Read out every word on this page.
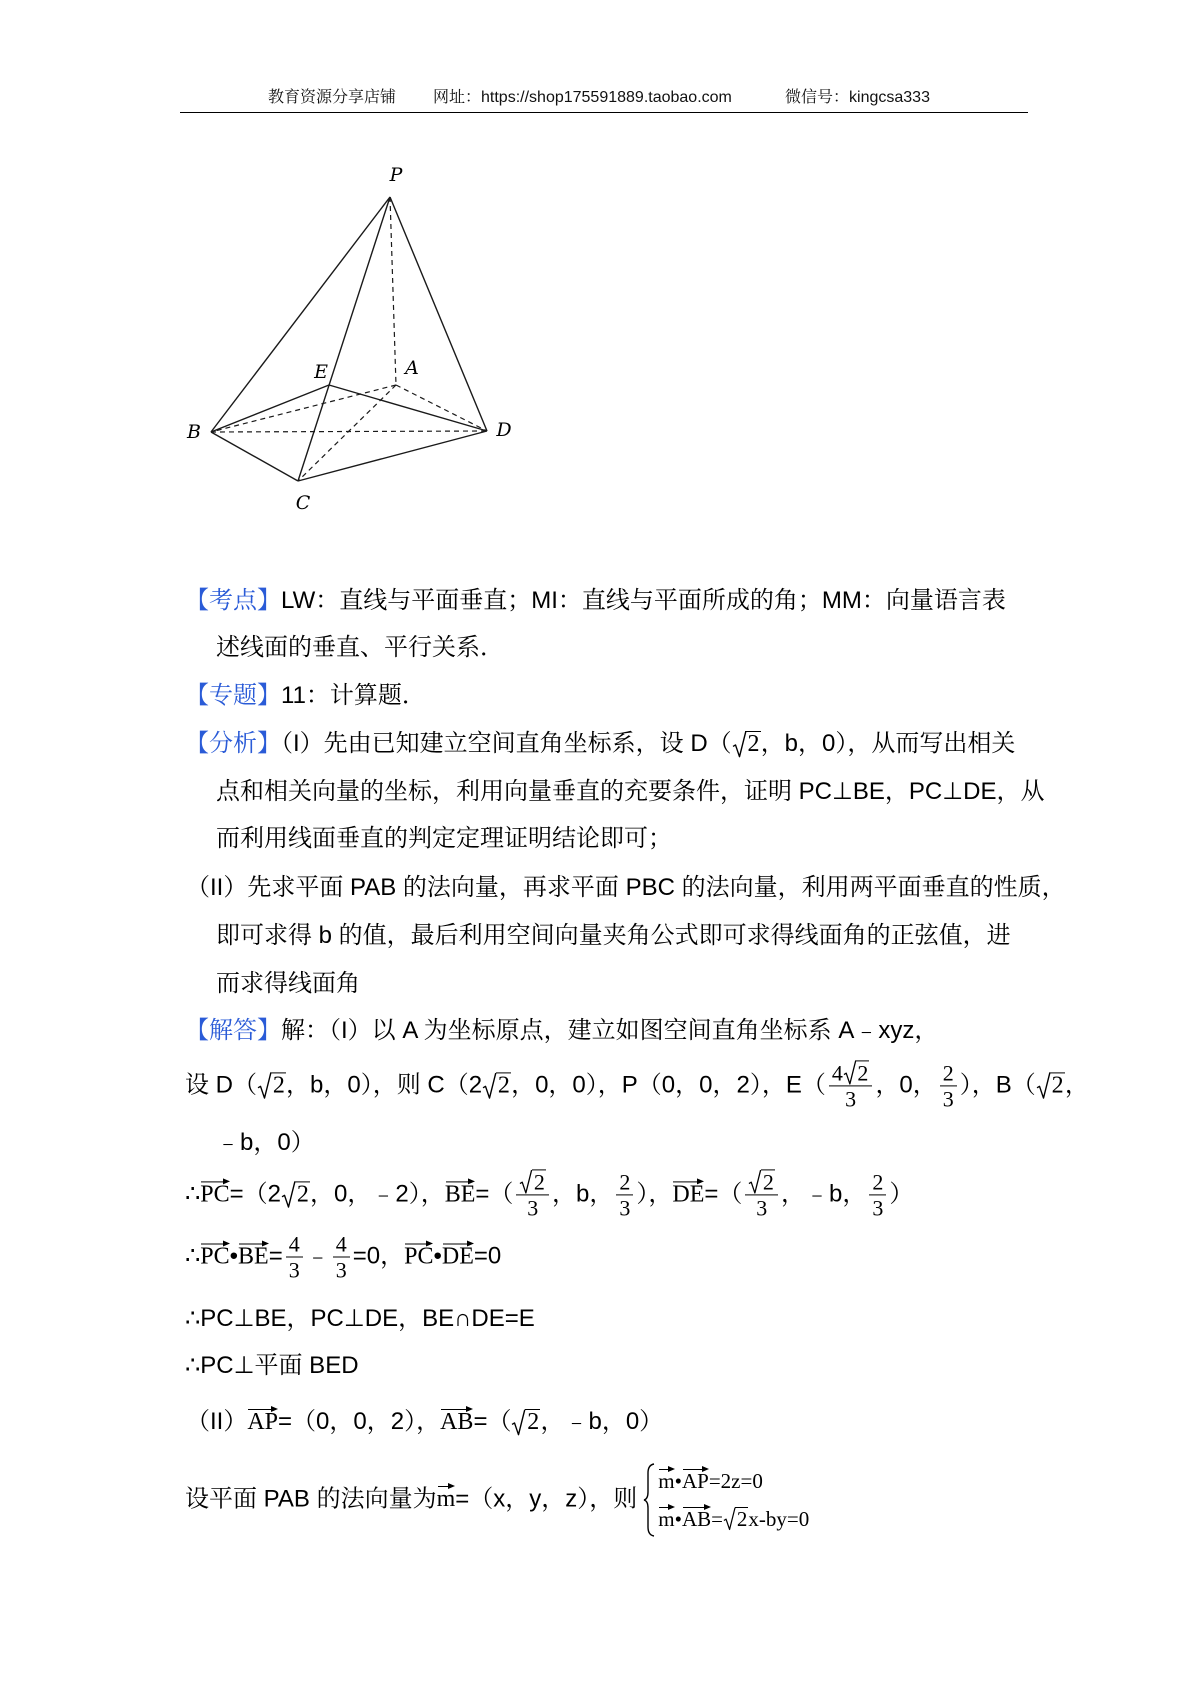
教育资源分享店铺 网址：https://shop175591889.taobao.com	微信号：kingcsa333
P
E	A
B	D
C
【考点】LW：直线与平面垂直；MI：直线与平面所成的角；MM：向量语言表
述线面的垂直、平行关系．
【专题】11：计算题．
【分析】（I）先由已知建立空间直角坐标系，设 D（ 2，b，0），从而写出相关
点和相关向量的坐标，利用向量垂直的充要条件，证明 PC⊥BE，PC⊥DE，从
而利用线面垂直的判定定理证明结论即可；
（II）先求平面 PAB 的法向量，再求平面 PBC 的法向量，利用两平面垂直的性质，
即可求得 b 的值，最后利用空间向量夹角公式即可求得线面角的正弦值，进
而求得线面角
【解答】解：（I）以 A 为坐标原点，建立如图空间直角坐标系 A﹣xyz，
设 D（ 2，b，0），则 C（2 2，0，0），P（0，0，2），$E( \frac{4 2}{3}$ ，0， $\frac{2}{3}$ ），B（ 2，
﹣b，0）
∴PC=（2 2，0，﹣2），$BE=( \frac{2}{3}$ ，b， $\frac{2}{3}$ ），$DE=( \frac{2}{3}$ ，﹣b， $\frac{2}{3}$ ）
∴PC•BE= $\frac{4}{3}$ ﹣ $\frac{4}{3} =0$，PC•DE=0
∴PC⊥BE，PC⊥DE，BE∩DE=E
∴PC⊥平面 BED
（II）AP=（0，0，2），AB=（ 2，﹣b，0）
设平面 PAB 的法向量为m=（x，y，z），则
m•AP=2z=0
m•AB= 2x-by=0
